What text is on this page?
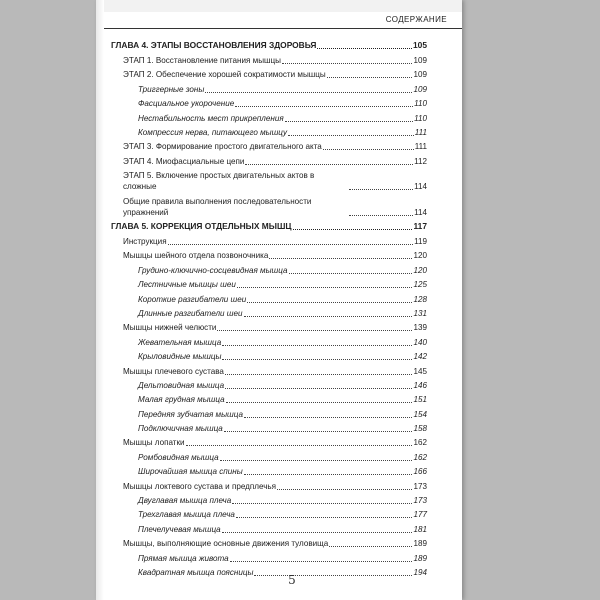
СОДЕРЖАНИЕ
ГЛАВА 4. ЭТАПЫ ВОССТАНОВЛЕНИЯ ЗДОРОВЬЯ	105
ЭТАП 1. Восстановление питания мышцы	109
ЭТАП 2. Обеспечение хорошей сократимости мышцы	109
Триггерные зоны	109
Фасциальное укорочение	110
Нестабильность мест прикрепления	110
Компрессия нерва, питающего мышцу	111
ЭТАП 3. Формирование простого двигательного акта	111
ЭТАП 4. Миофасциальные цепи	112
ЭТАП 5. Включение простых двигательных актов в сложные	114
Общие правила выполнения последовательности упражнений	114
ГЛАВА 5. КОРРЕКЦИЯ ОТДЕЛЬНЫХ МЫШЦ	117
Инструкция	119
Мышцы шейного отдела позвоночника	120
Грудино-ключично-сосцевидная мышца	120
Лестничные мышцы шеи	125
Короткие разгибатели шеи	128
Длинные разгибатели шеи	131
Мышцы нижней челюсти	139
Жевательная мышца	140
Крыловидные мышцы	142
Мышцы плечевого сустава	145
Дельтовидная мышца	146
Малая грудная мышца	151
Передняя зубчатая мышца	154
Подключичная мышца	158
Мышцы лопатки	162
Ромбовидная мышца	162
Широчайшая мышца спины	166
Мышцы локтевого сустава и предплечья	173
Двуглавая мышца плеча	173
Трехглавая мышца плеча	177
Плечелучевая мышца	181
Мышцы, выполняющие основные движения туловища	189
Прямая мышца живота	189
Квадратная мышца поясницы	194
5
